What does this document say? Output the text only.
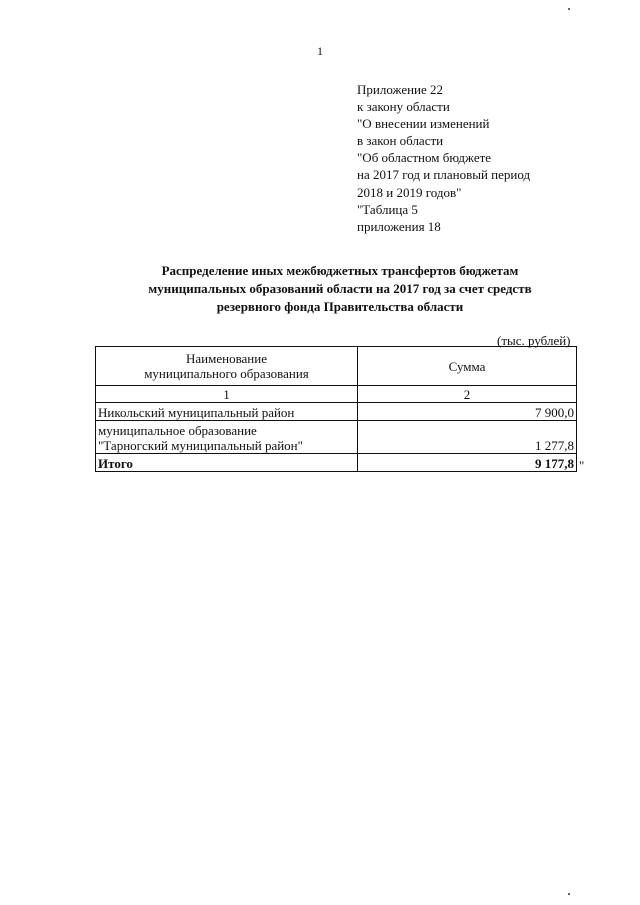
1
Приложение 22
к закону области
"О внесении изменений
в закон области
"Об областном бюджете
на 2017 год и плановый период
2018 и 2019 годов"
"Таблица 5
приложения 18
Распределение иных межбюджетных трансфертов бюджетам
муниципальных образований области на 2017 год за счет средств
резервного фонда Правительства области
(тыс. рублей)
Наименование
муниципального образования	Сумма
1	2

Никольский муниципальный район	7 900,0

муниципальное образование
"Тарногский муниципальный район"	1 277,8
Итого	9 177,8 "
